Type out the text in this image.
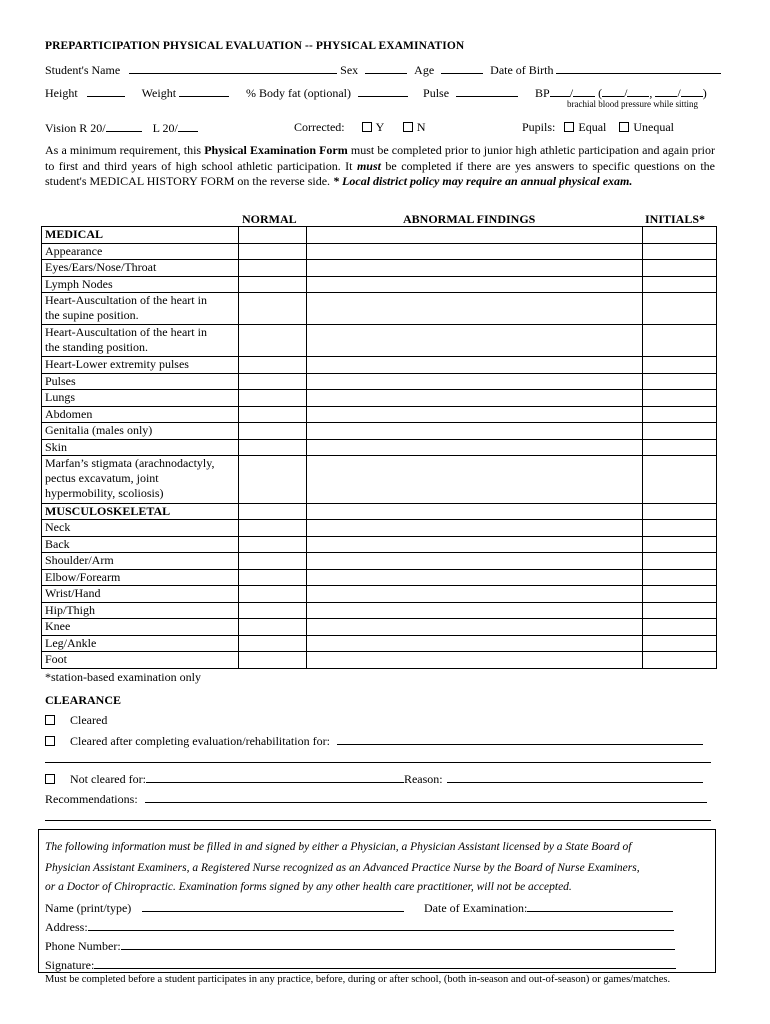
PREPARTICIPATION PHYSICAL EVALUATION -- PHYSICAL EXAMINATION
Student's Name	Sex	Age	Date of Birth
Height	Weight	% Body fat (optional)	Pulse	BP / ( / , / )
brachial blood pressure while sitting
Vision R 20/	L 20/	Corrected:	Y	N	Pupils: Equal Unequal
As a minimum requirement, this Physical Examination Form must be completed prior to junior high athletic participation and again prior to first and third years of high school athletic participation. It must be completed if there are yes answers to specific questions on the student's MEDICAL HISTORY FORM on the reverse side. * Local district policy may require an annual physical exam.
NORMAL	ABNORMAL FINDINGS	INITIALS*
MEDICAL			
Appearance			
Eyes/Ears/Nose/Throat			
Lymph Nodes			
Heart-Auscultation of the heart in
the supine position.			
Heart-Auscultation of the heart in
the standing position.			
Heart-Lower extremity pulses			
Pulses			
Lungs			
Abdomen			
Genitalia (males only)			
Skin			
Marfan’s stigmata (arachnodactyly,
pectus excavatum, joint
hypermobility, scoliosis)			
MUSCULOSKELETAL			
Neck			
Back			
Shoulder/Arm			
Elbow/Forearm			
Wrist/Hand			
Hip/Thigh			
Knee			
Leg/Ankle			
Foot			
*station-based examination only
CLEARANCE
Cleared
Cleared after completing evaluation/rehabilitation for:
Not cleared for:	Reason:
Recommendations:
The following information must be filled in and signed by either a Physician, a Physician Assistant licensed by a State Board of
Physician Assistant Examiners, a Registered Nurse recognized as an Advanced Practice Nurse by the Board of Nurse Examiners,
or a Doctor of Chiropractic. Examination forms signed by any other health care practitioner, will not be accepted.
Name (print/type)	Date of Examination:
Address:
Phone Number:
Signature:
Must be completed before a student participates in any practice, before, during or after school, (both in-season and out-of-season) or games/matches.
